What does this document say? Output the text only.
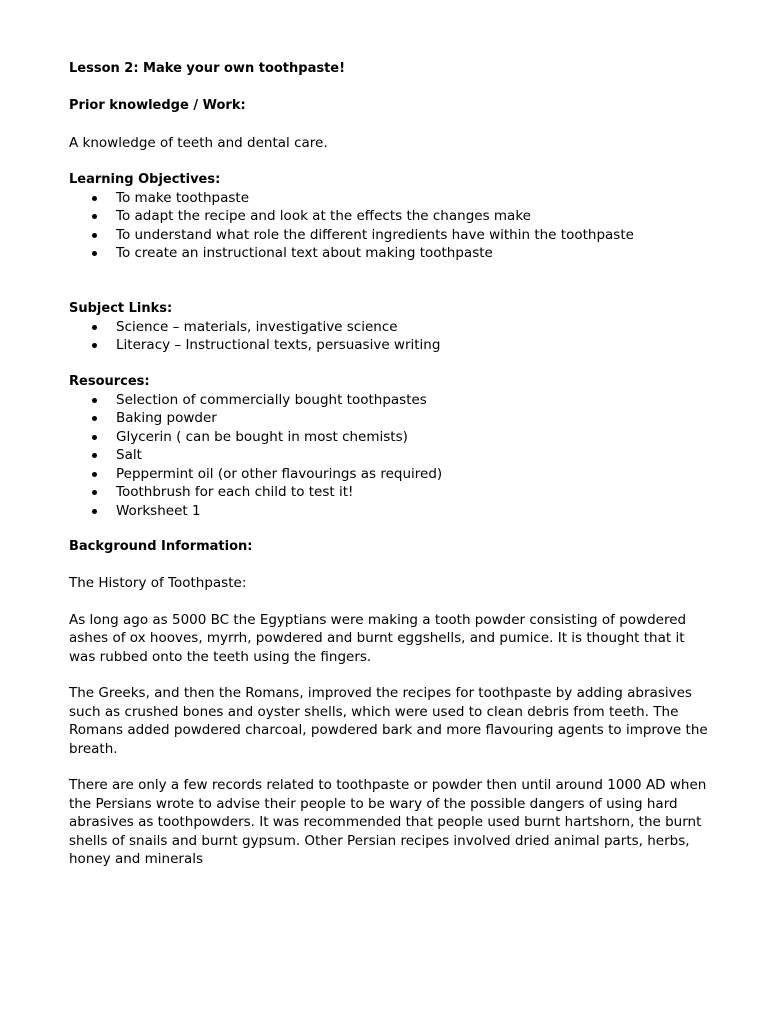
Lesson 2: Make your own toothpaste!

Prior knowledge / Work:

A knowledge of teeth and dental care.

Learning Objectives:

To make toothpaste
To adapt the recipe and look at the effects the changes make
To understand what role the different ingredients have within the toothpaste
To create an instructional text about making toothpaste

Subject Links:

Science – materials, investigative science
Literacy – Instructional texts, persuasive writing

Resources:

Selection of commercially bought toothpastes
Baking powder
Glycerin ( can be bought in most chemists)
Salt
Peppermint oil (or other flavourings as required)
Toothbrush for each child to test it!
Worksheet 1

Background Information:

The History of Toothpaste:

As long ago as 5000 BC the Egyptians were making a tooth powder consisting of powdered ashes of ox hooves, myrrh, powdered and burnt eggshells, and pumice. It is thought that it was rubbed onto the teeth using the fingers.

The Greeks, and then the Romans, improved the recipes for toothpaste by adding abrasives such as crushed bones and oyster shells, which were used to clean debris from teeth. The Romans added powdered charcoal, powdered bark and more flavouring agents to improve the breath.

There are only a few records related to toothpaste or powder then until around 1000 AD when the Persians wrote to advise their people to be wary of the possible dangers of using hard abrasives as toothpowders. It was recommended that people used burnt hartshorn, the burnt shells of snails and burnt gypsum. Other Persian recipes involved dried animal parts, herbs, honey and minerals
